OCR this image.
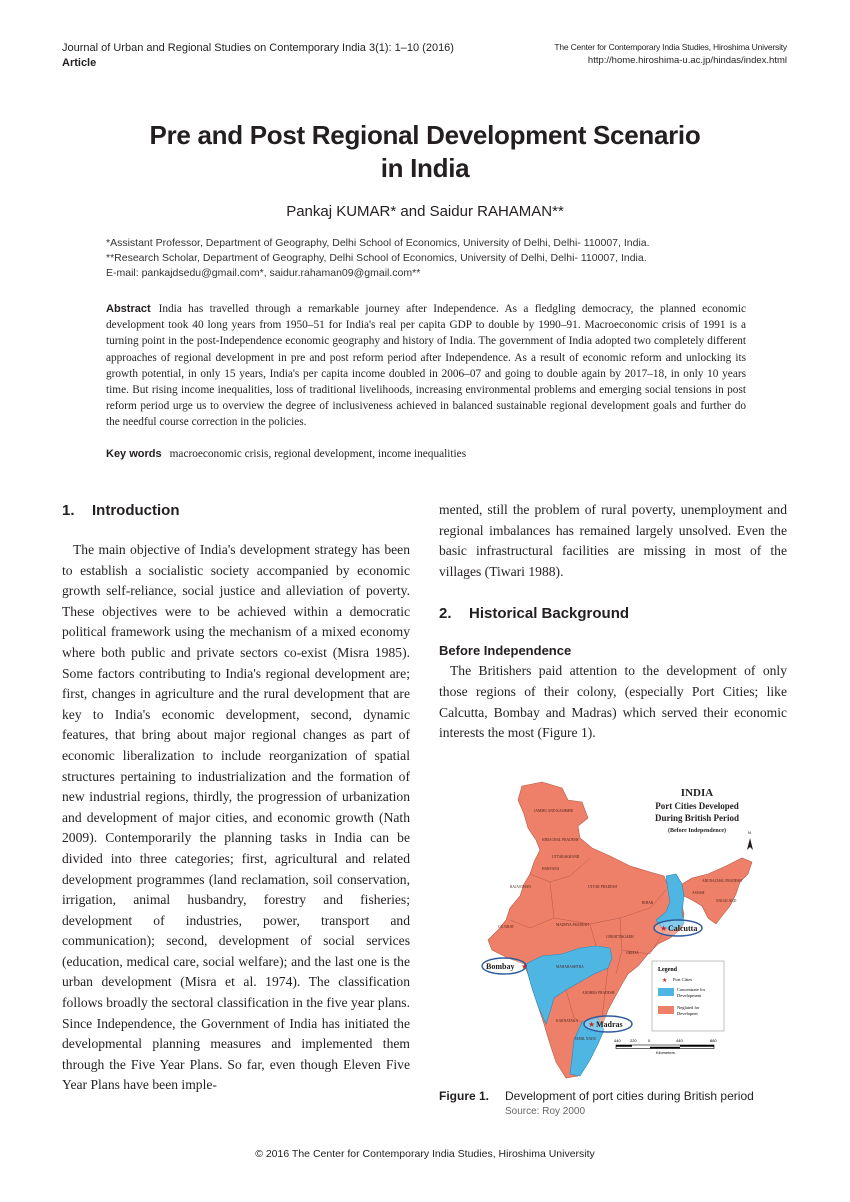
Journal of Urban and Regional Studies on Contemporary India 3(1): 1–10 (2016)
Article
The Center for Contemporary India Studies, Hiroshima University
http://home.hiroshima-u.ac.jp/hindas/index.html
Pre and Post Regional Development Scenario
in India
Pankaj KUMAR* and Saidur RAHAMAN**
*Assistant Professor, Department of Geography, Delhi School of Economics, University of Delhi, Delhi- 110007, India.
**Research Scholar, Department of Geography, Delhi School of Economics, University of Delhi, Delhi- 110007, India.
E-mail: pankajdsedu@gmail.com*, saidur.rahaman09@gmail.com**
Abstract India has travelled through a remarkable journey after Independence. As a fledgling democracy, the planned economic development took 40 long years from 1950–51 for India's real per capita GDP to double by 1990–91. Macroeconomic crisis of 1991 is a turning point in the post-Independence economic geography and history of India. The government of India adopted two completely different approaches of regional development in pre and post reform period after Independence. As a result of economic reform and unlocking its growth potential, in only 15 years, India's per capita income doubled in 2006–07 and going to double again by 2017–18, in only 10 years time. But rising income inequalities, loss of traditional livelihoods, increasing environmental problems and emerging social tensions in post reform period urge us to overview the degree of inclusiveness achieved in balanced sustainable regional development goals and further do the needful course correction in the policies.
Key words macroeconomic crisis, regional development, income inequalities
1. Introduction

The main objective of India's development strategy has been to establish a socialistic society accompanied by economic growth self-reliance, social justice and alleviation of poverty. These objectives were to be achieved within a democratic political framework using the mechanism of a mixed economy where both public and private sectors co-exist (Misra 1985). Some factors contributing to India's regional development are; first, changes in agriculture and the rural development that are key to India's economic development, second, dynamic features, that bring about major regional changes as part of economic liberalization to include reorganization of spatial structures pertaining to industrialization and the formation of new industrial regions, thirdly, the progression of urbanization and development of major cities, and economic growth (Nath 2009). Contemporarily the planning tasks in India can be divided into three categories; first, agricultural and related development programmes (land reclamation, soil conservation, irrigation, animal husbandry, forestry and fisheries; development of industries, power, transport and communication); second, development of social services (education, medical care, social welfare); and the last one is the urban development (Misra et al. 1974). The classification follows broadly the sectoral classification in the five year plans. Since Independence, the Government of India has initiated the developmental planning measures and implemented them through the Five Year Plans. So far, even though Eleven Five Year Plans have been imple-

mented, still the problem of rural poverty, unemployment and regional imbalances has remained largely unsolved. Even the basic infrastructural facilities are missing in most of the villages (Tiwari 1988).
2. Historical Background
Before Independence

The Britishers paid attention to the development of only those regions of their colony, (especially Port Cities; like Calcutta, Bombay and Madras) which served their economic interests the most (Figure 1).

JAMMU AND KASHMIR
HIMACHAL PRADESH
UTTARAKHAND
HARYANA
RAJASTHAN	UTTAR PRADESH
BIHAR
GUJARAT	MADHYA PRADESH
CHHATTISGARH
ORISSA
MAHARASHTRA
ANDHRA PRADESH
KARNATAKA
TAMIL NADU
ARUNACHAL PRADESH
ASSAM
NAGALAND
INDIA
Port Cities Developed
During British Period
(Before Independence)	N
Bombay ★
★ Calcutta
★ Madras
Legend
★ Port Cities
Concentrate for
Development
Neglated for
Developnet
440 220	0	440	880
Kilometers
Figure 1. Development of port cities during British period
Source: Roy 2000
© 2016 The Center for Contemporary India Studies, Hiroshima University
